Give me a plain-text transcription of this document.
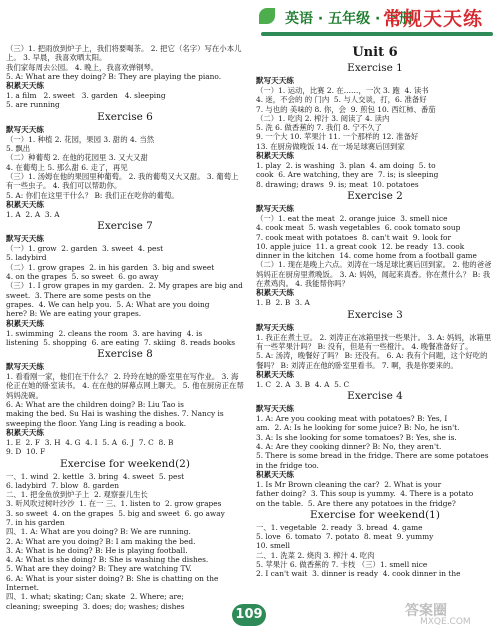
英语 · 五年级 · 下册
常规天天练

（三）1. 把雨放到炉子上，我们将要喝茶。 2. 把它（名字）写在小本儿上。 3. 早晨，我喜欢晒太阳。

我们家每周去公园。 4. 晚上，我喜欢弹钢琴。

5. A: What are they doing? B: They are playing the piano.

积累天天练

1. a film   2. sweet   3. garden   4. sleeping

5. are running

Exercise 6

默写天天练

（一）1. 种植 2. 花园，果园 3. 甜的 4. 当然

5. 飘出

（二）种葡萄 2. 在他的花园里 3. 又大又甜

4. 在葡萄上 5. 那么甜 6. 走了，再见

（三）1. 汤姆在他的果园里种葡萄。 2. 我的葡萄又大又甜。 3. 葡萄上有一些虫子。 4. 我们可以帮助你。

5. A: 你们在这里干什么？ B: 我们正在吃你的葡萄。

积累天天练

1. A  2. A  3. A

Exercise 7

默写天天练

（一）1. grow  2. garden  3. sweet  4. pest

5. ladybird

（二）1. grow grapes  2. in his garden  3. big and sweet

4. on the grapes  5. so sweet  6. go away

（三）1. I grow grapes in my garden.  2. My grapes are big and sweet.  3. There are some pests on the

grapes.  4. We can help you.  5. A: What are you doing

here? B: We are eating your grapes.

积累天天练

1. swimming  2. cleans the room  3. are having  4. is

listening  5. shopping  6. are eating  7. skiing  8. reads books

Exercise 8

默写天天练

1. 看看刚一家，他们在干什么？ 2. 玲玲在她的卧室里在写作业。 3. 海伦正在她的卧室读书。 4. 在在他的屏幕点网上聊天。 5. 他在厨房正在帮妈妈洗碗。

6. A: What are the children doing? B: Liu Tao is

making the bed. Su Hai is washing the dishes. 7. Nancy is

sweeping the floor. Yang Ling is reading a book.

积累天天练

1. E  2. F  3. H  4. G  4. I  5. A  6. J  7. C  8. B

9. D  10. F

Exercise for weekend(2)

一、1. wind  2. kettle  3. bring  4. sweet  5. pest

6. ladybird  7. blow  8. garden

二、1. 把金鱼放到炉子上  2. 观察蚕儿生长

3. 听风吹过树叶沙沙  1. 在一 三、1. listen to  2. grow grapes

3. so sweet  4. on the grapes  5. big and sweet  6. go away

7. in his garden

四、1. A: What are you doing? B: We are running.

2. A: What are you doing? B: I am making the bed.

3. A: What is he doing? B: He is playing football.

4. A: What is she doing? B: She is washing the dishes.

5. What are they doing? B: They are watching TV.

6. A: What is your sister doing? B: She is chatting on the

Internet.

四、1. what; skating; Can; skate  2. Where; are;

cleaning; sweeping  3. does; do; washes; dishes

Unit 6

Exercise 1

默写天天练

（一）1. 运动，比赛 2. 在……，一次 3. 跑  4. 读书

4. 迷，不会的 的 门内  5. 与人交谈，打，6. 准备好

7. 与也的 美味的 8. 你，会  9. 煎包 10. 西红柿、番茄

（二）1. 吃肉 2. 榨汁 3. 阅读了 4. 读内

5. 洗 6. 做香蕉的 7. 我们 8. 宁不久了

9. 一个大 10. 苹果汁 11. 一个那样的 12. 准备好

13. 在厨房做晚饭 14. 在一场足球赛后回到家

积累天天练

1. play  2. is washing  3. plan  4. am doing  5. to

cook  6. Are watching, they are  7. is; is sleeping

8. drawing; draws  9. is; meat  10. potatoes

Exercise 2

默写天天练

（一）1. eat the meat  2. orange juice  3. smell nice

4. cook meat  5. wash vegetables  6. cook tomato soup

7. cook meat with potatoes  8. can't wait  9. look for

10. apple juice  11. a great cook  12. be ready  13. cook

dinner in the kitchen  14. come home from a football game

（二）1. 现在是晚上六点。刘涛在一场足球比赛后回到家。 2. 他的爸爸妈妈正在厨房里煮晚饭。 3. A: 妈妈，闻起来真香。你在煮什么？ B: 我在煮鸡肉。 4. 我能帮你吗？

积累天天练

1. B  2. B  3. A

Exercise 3

默写天天练

1. 我正在煮土豆。 2. 刘涛正在冰箱里找一些果汁。 3. A: 妈妈，冰箱里有一些苹果汁吗？ B: 没有，但是有一些橙汁。 4. 晚餐准备好了。

5. A: 汤涛，晚餐好了吗？ B: 还没有。 6. A: 我有个问题，这个好吃的餐吗？ B: 刘涛正在他的卧室里看书。 7. 啊，我是你要来的。

积累天天练

1. C  2. A  3. B  4. A  5. C

Exercise 4

默写天天练

1. A: Are you cooking meat with potatoes? B: Yes, I

am.  2. A: Is he looking for some juice? B: No, he isn't.

3. A: Is she looking for some tomatoes? B: Yes, she is.

4. A: Are they cooking dinner? B: No, they aren't.

5. There is some bread in the fridge. There are some potatoes

in the fridge too.

积累天天练

1. Is Mr Brown cleaning the car?  2. What is your

father doing?  3. This soup is yummy.  4. There is a potato

on the table.  5. Are there any potatoes in the fridge?

Exercise for weekend(1)

一、1. vegetable  2. ready  3. bread  4. game

5. love  6. tomato  7. potato  8. meat  9. yummy

10. smell

二、1. 洗菜 2. 烧肉 3. 榨汁 4. 吃肉

5. 苹果汁 6. 做香蕉的 7. 卡枝 （三）1. smell nice

2. I can't wait  3. dinner is ready  4. cook dinner in the

109	答案圈
MXQE.COM
